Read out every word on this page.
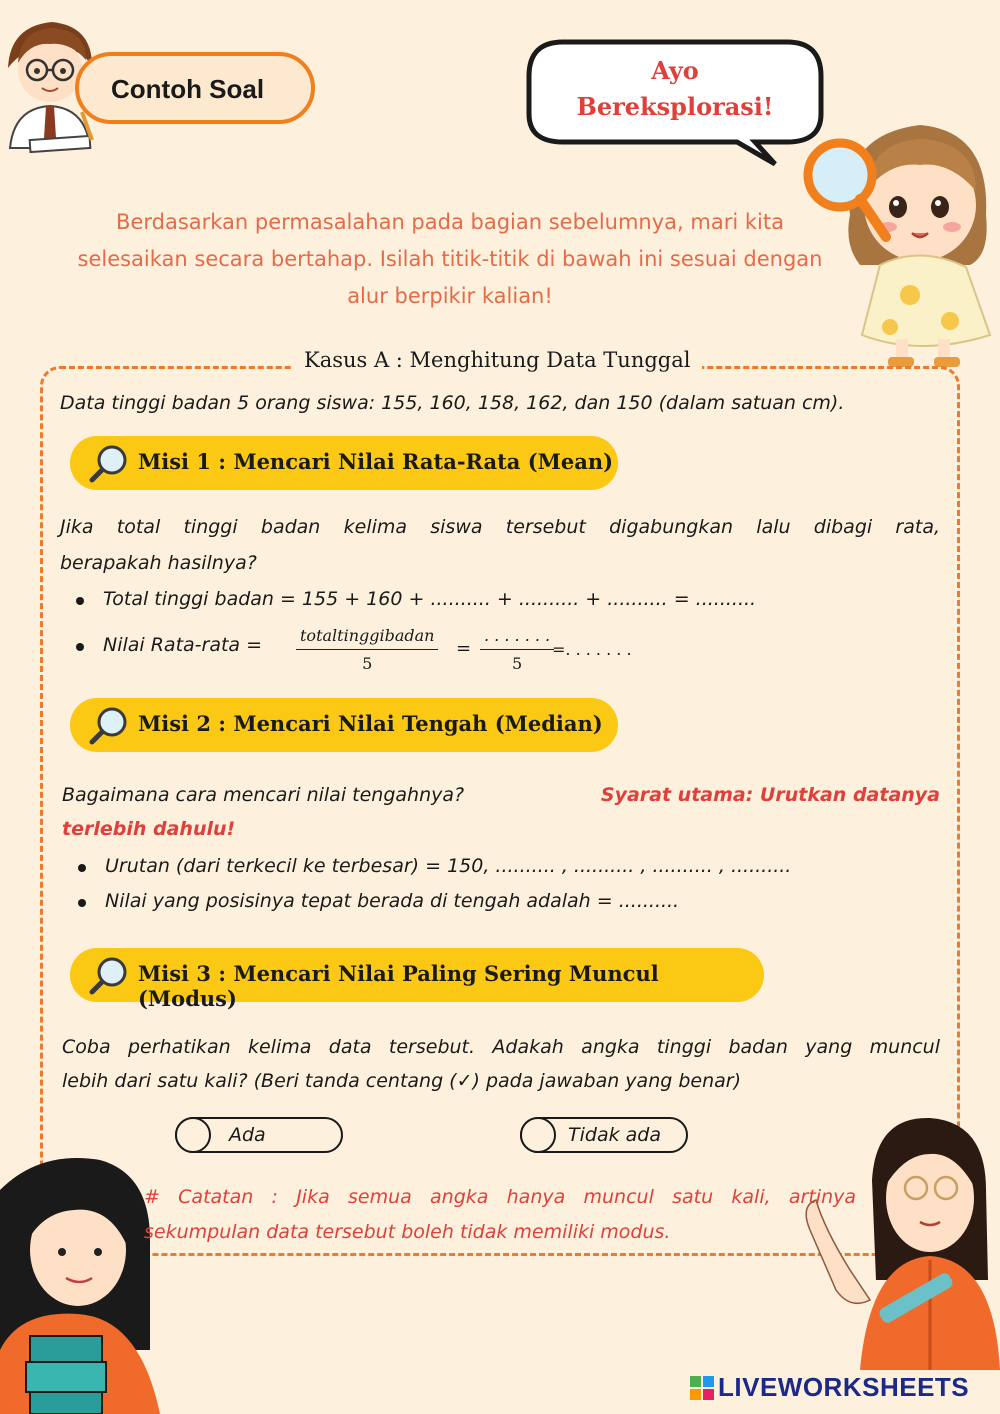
Contoh Soal
Ayo
Bereksplorasi!
Berdasarkan permasalahan pada bagian sebelumnya, mari kita
selesaikan secara bertahap. Isilah titik-titik di bawah ini sesuai dengan
alur berpikir kalian!
Kasus A : Menghitung Data Tunggal
Data tinggi badan 5 orang siswa: 155, 160, 158, 162, dan 150 (dalam satuan cm).
Misi 1 : Mencari Nilai Rata-Rata (Mean)
Jika total tinggi badan kelima siswa tersebut digabungkan lalu dibagi rata,
berapakah hasilnya?
Total tinggi badan = 155 + 160 + .......... + .......... + .......... = ..........
Nilai Rata-rata = totaltinggibadan
5
=
. . . . . . .
5
=. . . . . . .
Misi 2 : Mencari Nilai Tengah (Median)
Bagaimana cara mencari nilai tengahnya?	Syarat utama: Urutkan datanya
terlebih dahulu!
Urutan (dari terkecil ke terbesar) = 150, .......... , .......... , .......... , ..........
Nilai yang posisinya tepat berada di tengah adalah = ..........
Misi 3 : Mencari Nilai Paling Sering Muncul (Modus)
Coba perhatikan kelima data tersebut. Adakah angka tinggi badan yang muncul
lebih dari satu kali? (Beri tanda centang (✓) pada jawaban yang benar)
Ada	Tidak ada
# Catatan : Jika semua angka hanya muncul satu kali, artinya
sekumpulan data tersebut boleh tidak memiliki modus.
LIVEWORKSHEETS
